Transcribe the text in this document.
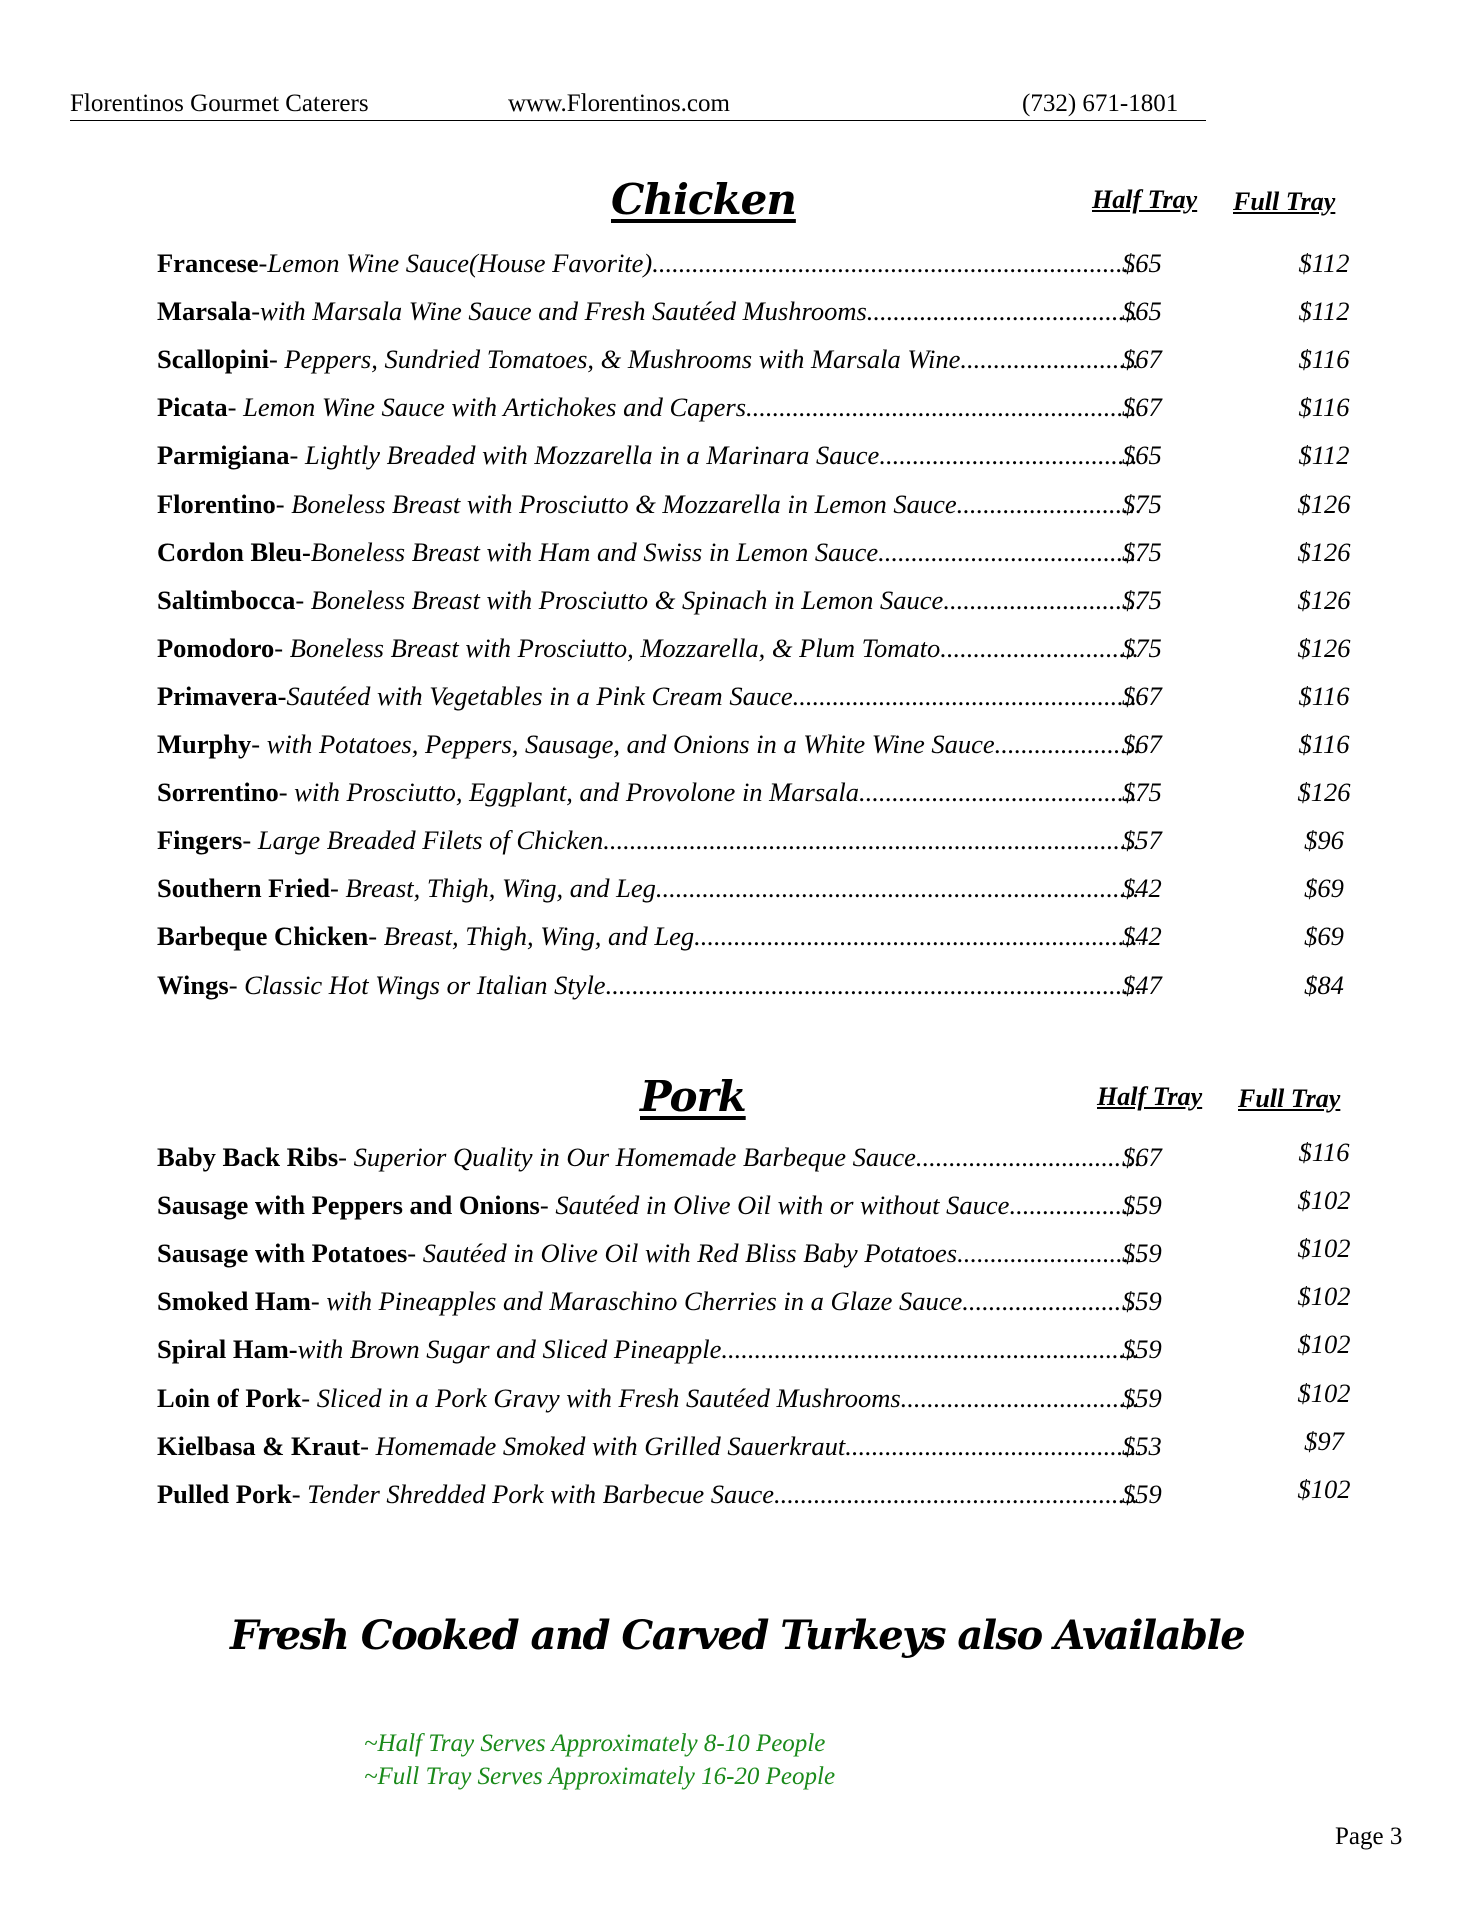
Florentinos Gourmet Caterers	www.Florentinos.com	(732) 671-1801
Chicken	Half Tray Full Tray
Francese -Lemon Wine Sauce(House Favorite) .....	$65	$112
Marsala -with Marsala Wine Sauce and Fresh Sautéed Mushrooms .....	$65	$112
Scallopini - Peppers, Sundried Tomatoes, & Mushrooms with Marsala Wine .....	$67	$116
Picata - Lemon Wine Sauce with Artichokes and Capers .....	$67	$116
Parmigiana - Lightly Breaded with Mozzarella in a Marinara Sauce .....	$65	$112
Florentino - Boneless Breast with Prosciutto & Mozzarella in Lemon Sauce .....	$75	$126
Cordon Bleu- Boneless Breast with Ham and Swiss in Lemon Sauce .....	$75	$126
Saltimbocca - Boneless Breast with Prosciutto & Spinach in Lemon Sauce .....	$75	$126
Pomodoro - Boneless Breast with Prosciutto, Mozzarella, & Plum Tomato .....	$75	$126
Primavera- Sautéed with Vegetables in a Pink Cream Sauce .....	$67	$116
Murphy - with Potatoes, Peppers, Sausage, and Onions in a White Wine Sauce .....	$67	$116
Sorrentino - with Prosciutto, Eggplant, and Provolone in Marsala .....	$75	$126
Fingers - Large Breaded Filets of Chicken .....	$57	$96
Southern Fried - Breast, Thigh, Wing, and Leg .....	$42	$69
Barbeque Chicken - Breast, Thigh, Wing, and Leg .....	$42	$69
Wings - Classic Hot Wings or Italian Style .....	$47	$84
Pork	Half Tray Full Tray
Baby Back Ribs - Superior Quality in Our Homemade Barbeque Sauce .....	$67	$116
Sausage with Peppers and Onions - Sautéed in Olive Oil with or without Sauce .....	$59	$102
Sausage with Potatoes - Sautéed in Olive Oil with Red Bliss Baby Potatoes .....	$59	$102
Smoked Ham - with Pineapples and Maraschino Cherries in a Glaze Sauce .....	$59	$102
Spiral Ham- with Brown Sugar and Sliced Pineapple .....	$59	$102
Loin of Pork - Sliced in a Pork Gravy with Fresh Sautéed Mushrooms .....	$59	$102
Kielbasa & Kraut - Homemade Smoked with Grilled Sauerkraut .....	$53	$97
Pulled Pork - Tender Shredded Pork with Barbecue Sauce .....	$59	$102
Fresh Cooked and Carved Turkeys also Available
~Half Tray Serves Approximately 8-10 People
~Full Tray Serves Approximately 16-20 People
Page 3
